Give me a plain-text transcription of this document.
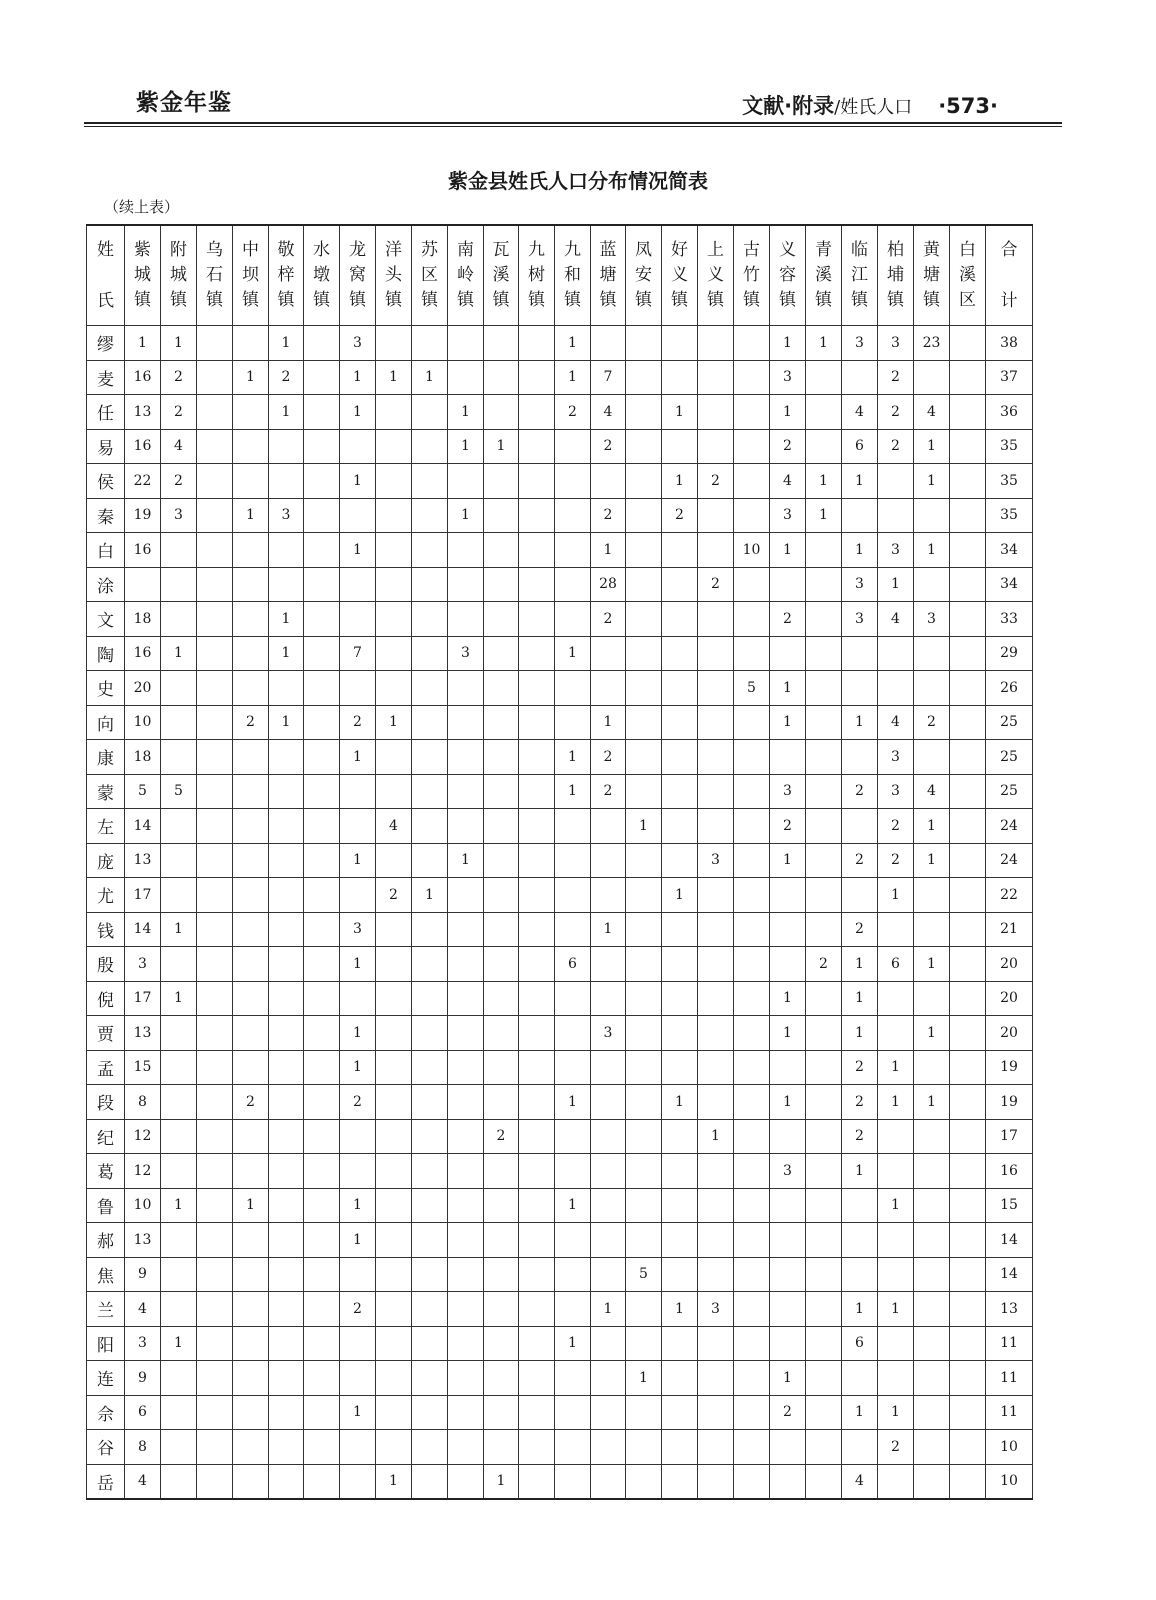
紫金年鉴	文献·附录/姓氏人口 ·573·
紫金县姓氏人口分布情况简表
（续上表）
姓
氏	紫
城
镇	附
城
镇	乌
石
镇	中
坝
镇	敬
梓
镇	水
墩
镇	龙
窝
镇	洋
头
镇	苏
区
镇	南
岭
镇	瓦
溪
镇	九
树
镇	九
和
镇	蓝
塘
镇	凤
安
镇	好
义
镇	上
义
镇	古
竹
镇	义
容
镇	青
溪
镇	临
江
镇	柏
埔
镇	黄
塘
镇	白
溪
区	合
计

缪	1	1			1		3						1						1	1	3	3	23		38
麦	16	2		1	2		1	1	1				1	7					3			2			37
任	13	2			1		1			1			2	4		1			1		4	2	4		36
易	16	4								1	1			2					2		6	2	1		35
侯	22	2					1									1	2		4	1	1		1		35
秦	19	3		1	3					1				2		2			3	1					35
白	16						1							1				10	1		1	3	1		34
涂														28			2				3	1			34
文	18				1									2					2		3	4	3		33
陶	16	1			1		7			3			1												29
史	20																	5	1						26
向	10			2	1		2	1						1					1		1	4	2		25
康	18						1						1	2								3			25
蒙	5	5											1	2					3		2	3	4		25
左	14							4							1				2			2	1		24
庞	13						1			1							3		1		2	2	1		24
尤	17							2	1							1						1			22
钱	14	1					3							1							2				21
殷	3						1						6							2	1	6	1		20
倪	17	1																	1		1				20
贾	13						1							3					1		1		1		20
孟	15						1														2	1			19
段	8			2			2						1			1			1		2	1	1		19
纪	12										2						1				2				17
葛	12																		3		1				16
鲁	10	1		1			1						1									1			15
郝	13						1																		14
焦	9														5										14
兰	4						2							1		1	3				1	1			13
阳	3	1											1								6				11
连	9														1				1						11
佘	6						1												2		1	1			11
谷	8																					2			10
岳	4							1			1										4				10
